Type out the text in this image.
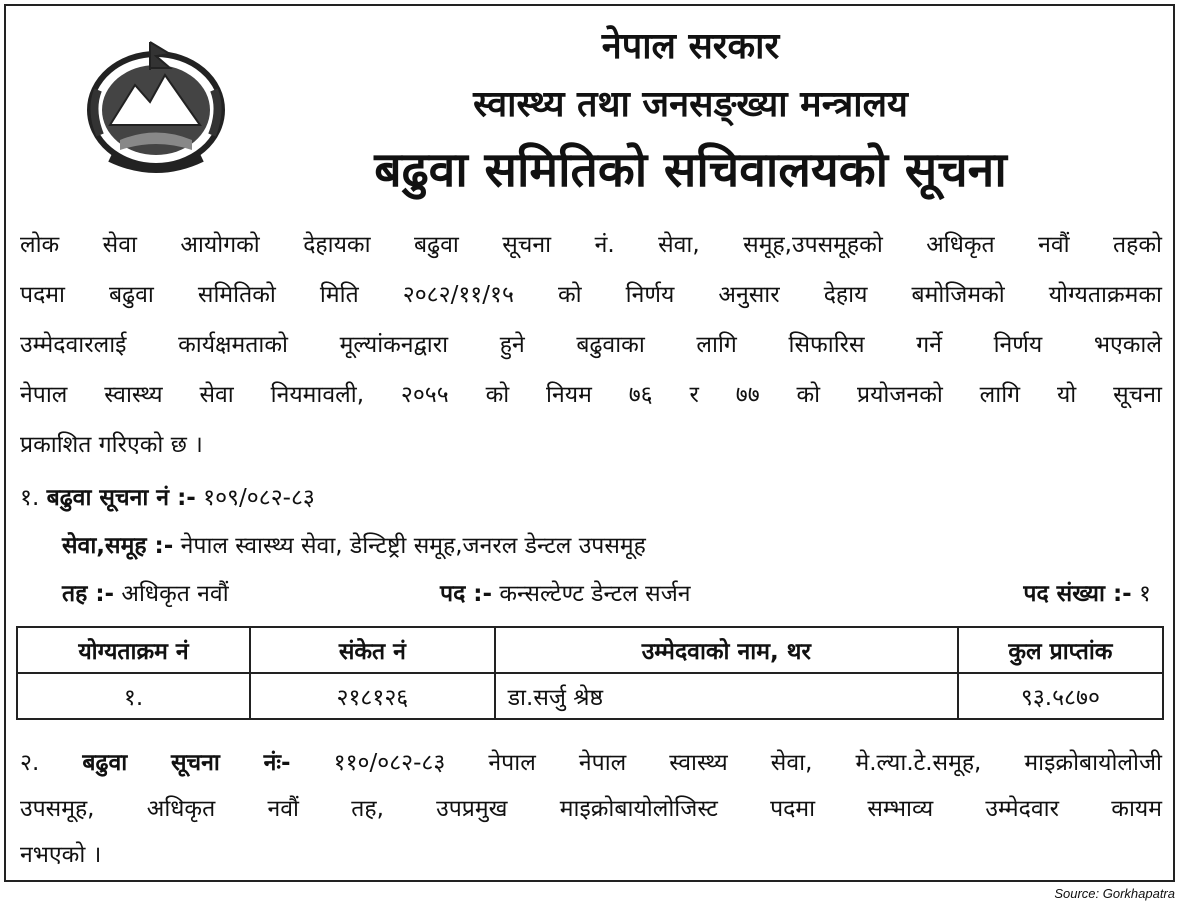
नेपाल सरकार
स्वास्थ्य तथा जनसङ्ख्या मन्त्रालय
बढुवा समितिको सचिवालयको सूचना
लोक सेवा आयोगको देहायका बढुवा सूचना नं. सेवा, समूह,उपसमूहको अधिकृत नवौं तहको
पदमा बढुवा समितिको मिति २०८२/११/१५ को निर्णय अनुसार देहाय बमोजिमको योग्यताक्रमका
उम्मेदवारलाई कार्यक्षमताको मूल्यांकनद्वारा हुने बढुवाका लागि सिफारिस गर्ने निर्णय भएकाले
नेपाल स्वास्थ्य सेवा नियमावली, २०५५ को नियम ७६ र ७७ को प्रयोजनको लागि यो सूचना
प्रकाशित गरिएको छ ।
१. बढुवा सूचना नं :- १०९/०८२-८३
सेवा,समूह :- नेपाल स्वास्थ्य सेवा, डेन्टिष्ट्री समूह,जनरल डेन्टल उपसमूह
तह :- अधिकृत नवौं	पद :- कन्सल्टेण्ट डेन्टल सर्जन	पद संख्या :- १
योग्यताक्रम नं	संकेत नं	उम्मेदवाको नाम, थर	कुल प्राप्तांक
१.	२१८१२६	डा.सर्जु श्रेष्ठ	९३.५८७०
२. बढुवा सूचना नंः- ११०/०८२-८३ नेपाल नेपाल स्वास्थ्य सेवा, मे.ल्या.टे.समूह, माइक्रोबायोलोजी
उपसमूह, अधिकृत नवौं तह, उपप्रमुख माइक्रोबायोलोजिस्ट पदमा सम्भाव्य उम्मेदवार कायम
नभएको ।
Source: Gorkhapatra
